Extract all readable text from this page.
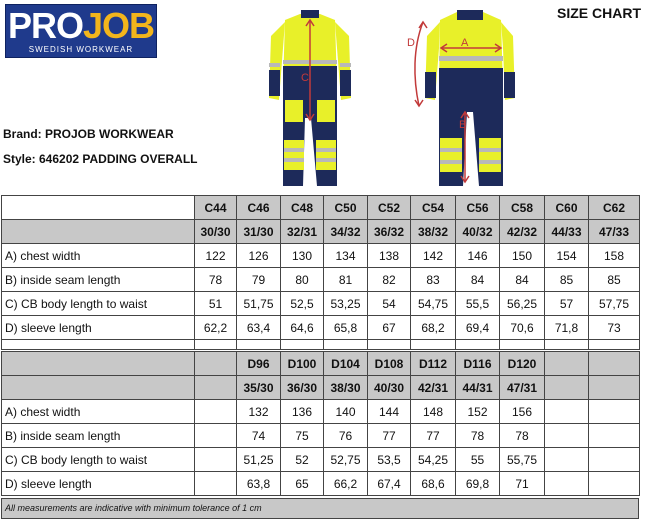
PROJOB
SWEDISH WORKWEAR
SIZE CHART
Brand: PROJOB WORKWEAR
Style: 646202 PADDING OVERALL
C
D	A
B
	C44	C46	C48	C50	C52	C54	C56	C58	C60	C62
	30/30	31/30	32/31	34/32	36/32	38/32	40/32	42/32	44/33	47/33
A) chest width	122	126	130	134	138	142	146	150	154	158
B) inside seam length	78	79	80	81	82	83	84	84	85	85
C) CB body length to waist	51	51,75	52,5	53,25	54	54,75	55,5	56,25	57	57,75
D) sleeve length	62,2	63,4	64,6	65,8	67	68,2	69,4	70,6	71,8	73

		D96	D100	D104	D108	D112	D116	D120		
		35/30	36/30	38/30	40/30	42/31	44/31	47/31		
A) chest width		132	136	140	144	148	152	156		
B) inside seam length		74	75	76	77	77	78	78		
C) CB body length to waist		51,25	52	52,75	53,5	54,25	55	55,75		
D) sleeve length		63,8	65	66,2	67,4	68,6	69,8	71		
All measurements are indicative with minimum tolerance of 1 cm
